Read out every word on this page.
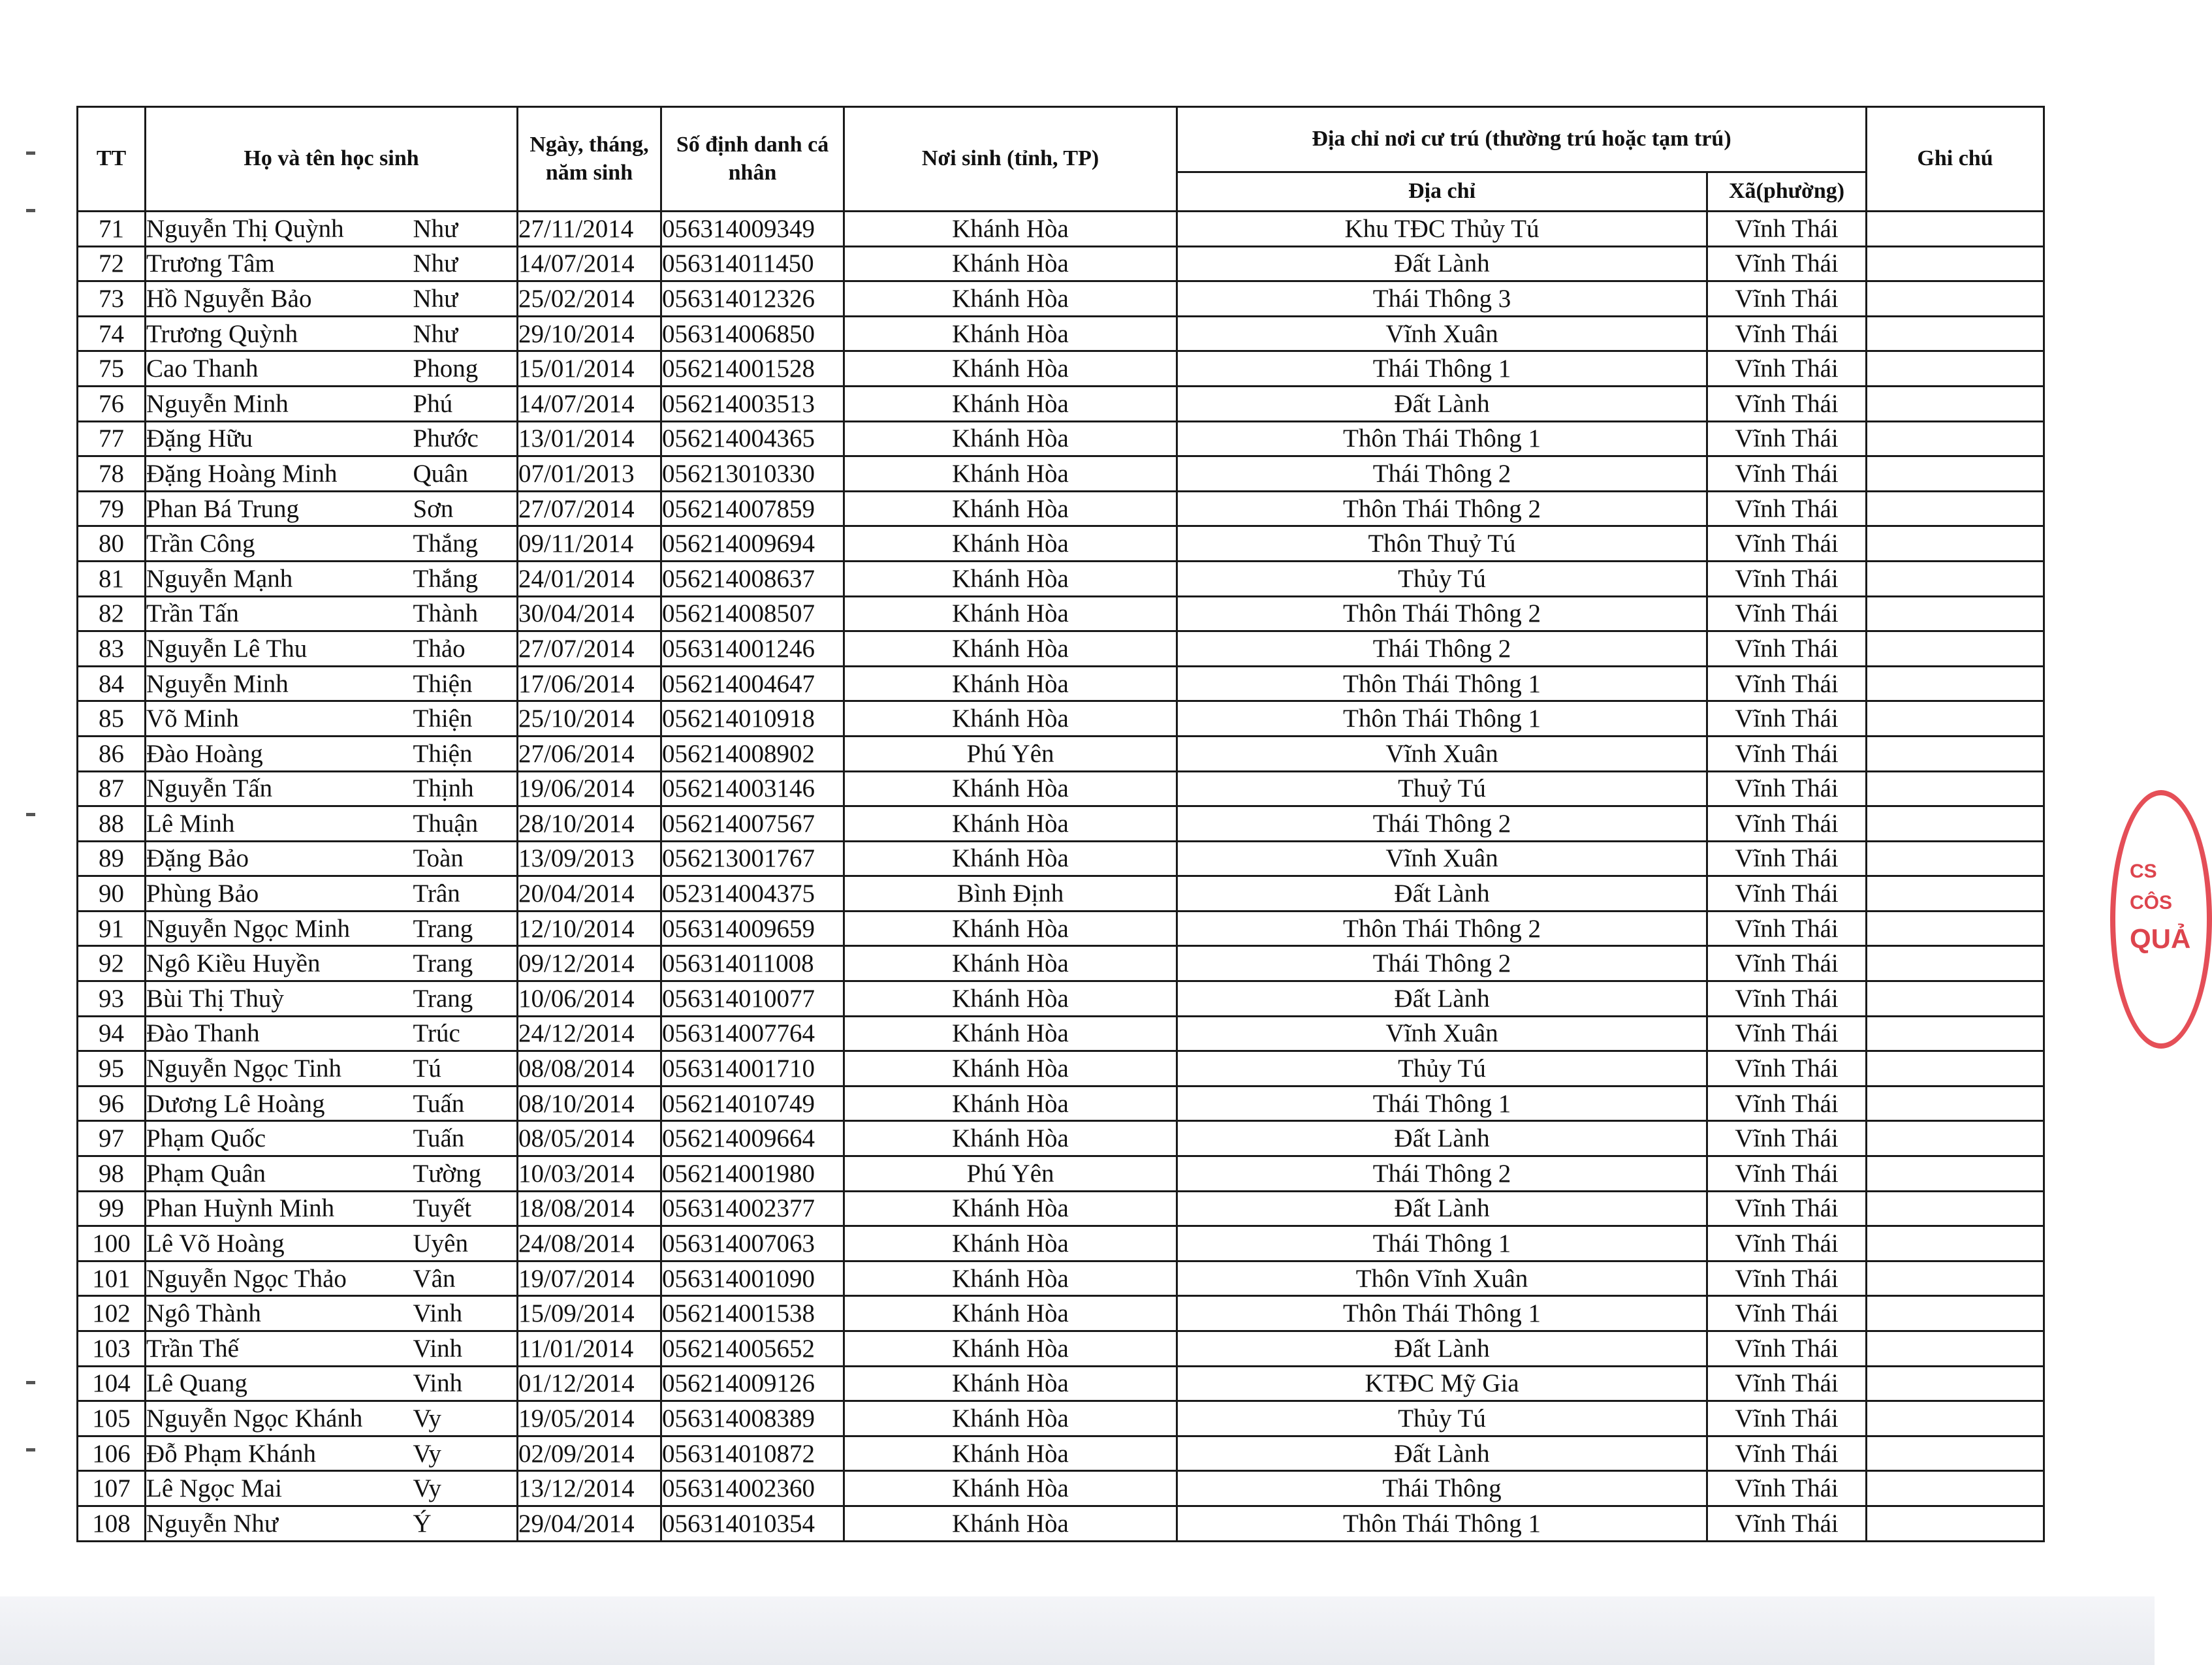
TT	Họ và tên học sinh		Ngày, tháng, năm sinh	Số định danh cá nhân	Nơi sinh (tỉnh, TP)	Địa chỉ nơi cư trú (thường trú hoặc tạm trú)		Ghi chú
						Địa chỉ	Xã(phường)	
71	Nguyễn Thị Quỳnh	Như	27/11/2014	056314009349	Khánh Hòa	Khu TĐC Thủy Tú	Vĩnh Thái	
72	Trương Tâm	Như	14/07/2014	056314011450	Khánh Hòa	Đất Lành	Vĩnh Thái	
73	Hồ Nguyễn Bảo	Như	25/02/2014	056314012326	Khánh Hòa	Thái Thông 3	Vĩnh Thái	
74	Trương Quỳnh	Như	29/10/2014	056314006850	Khánh Hòa	Vĩnh Xuân	Vĩnh Thái	
75	Cao Thanh	Phong	15/01/2014	056214001528	Khánh Hòa	Thái Thông 1	Vĩnh Thái	
76	Nguyễn Minh	Phú	14/07/2014	056214003513	Khánh Hòa	Đất Lành	Vĩnh Thái	
77	Đặng Hữu	Phước	13/01/2014	056214004365	Khánh Hòa	Thôn Thái Thông 1	Vĩnh Thái	
78	Đặng Hoàng Minh	Quân	07/01/2013	056213010330	Khánh Hòa	Thái Thông 2	Vĩnh Thái	
79	Phan Bá Trung	Sơn	27/07/2014	056214007859	Khánh Hòa	Thôn Thái Thông 2	Vĩnh Thái	
80	Trần Công	Thắng	09/11/2014	056214009694	Khánh Hòa	Thôn Thuỷ Tú	Vĩnh Thái	
81	Nguyễn Mạnh	Thắng	24/01/2014	056214008637	Khánh Hòa	Thủy Tú	Vĩnh Thái	
82	Trần Tấn	Thành	30/04/2014	056214008507	Khánh Hòa	Thôn Thái Thông 2	Vĩnh Thái	
83	Nguyễn Lê Thu	Thảo	27/07/2014	056314001246	Khánh Hòa	Thái Thông 2	Vĩnh Thái	
84	Nguyễn Minh	Thiện	17/06/2014	056214004647	Khánh Hòa	Thôn Thái Thông 1	Vĩnh Thái	
85	Võ Minh	Thiện	25/10/2014	056214010918	Khánh Hòa	Thôn Thái Thông 1	Vĩnh Thái	
86	Đào Hoàng	Thiện	27/06/2014	056214008902	Phú Yên	Vĩnh Xuân	Vĩnh Thái	
87	Nguyễn Tấn	Thịnh	19/06/2014	056214003146	Khánh Hòa	Thuỷ Tú	Vĩnh Thái	
88	Lê Minh	Thuận	28/10/2014	056214007567	Khánh Hòa	Thái Thông 2	Vĩnh Thái	
89	Đặng Bảo	Toàn	13/09/2013	056213001767	Khánh Hòa	Vĩnh Xuân	Vĩnh Thái	
90	Phùng Bảo	Trân	20/04/2014	052314004375	Bình Định	Đất Lành	Vĩnh Thái	
91	Nguyễn Ngọc Minh	Trang	12/10/2014	056314009659	Khánh Hòa	Thôn Thái Thông 2	Vĩnh Thái	
92	Ngô Kiều Huyền	Trang	09/12/2014	056314011008	Khánh Hòa	Thái Thông 2	Vĩnh Thái	
93	Bùi Thị Thuỳ	Trang	10/06/2014	056314010077	Khánh Hòa	Đất Lành	Vĩnh Thái	
94	Đào Thanh	Trúc	24/12/2014	056314007764	Khánh Hòa	Vĩnh Xuân	Vĩnh Thái	
95	Nguyễn Ngọc Tinh	Tú	08/08/2014	056314001710	Khánh Hòa	Thủy Tú	Vĩnh Thái	
96	Dương Lê Hoàng	Tuấn	08/10/2014	056214010749	Khánh Hòa	Thái Thông 1	Vĩnh Thái	
97	Phạm Quốc	Tuấn	08/05/2014	056214009664	Khánh Hòa	Đất Lành	Vĩnh Thái	
98	Phạm Quân	Tường	10/03/2014	056214001980	Phú Yên	Thái Thông 2	Vĩnh Thái	
99	Phan Huỳnh Minh	Tuyết	18/08/2014	056314002377	Khánh Hòa	Đất Lành	Vĩnh Thái	
100	Lê Võ Hoàng	Uyên	24/08/2014	056314007063	Khánh Hòa	Thái Thông 1	Vĩnh Thái	
101	Nguyễn Ngọc Thảo	Vân	19/07/2014	056314001090	Khánh Hòa	Thôn Vĩnh Xuân	Vĩnh Thái	
102	Ngô Thành	Vinh	15/09/2014	056214001538	Khánh Hòa	Thôn Thái Thông 1	Vĩnh Thái	
103	Trần Thế	Vinh	11/01/2014	056214005652	Khánh Hòa	Đất Lành	Vĩnh Thái	
104	Lê Quang	Vinh	01/12/2014	056214009126	Khánh Hòa	KTĐC Mỹ Gia	Vĩnh Thái	
105	Nguyễn Ngọc Khánh	Vy	19/05/2014	056314008389	Khánh Hòa	Thủy Tú	Vĩnh Thái	
106	Đỗ Phạm Khánh	Vy	02/09/2014	056314010872	Khánh Hòa	Đất Lành	Vĩnh Thái	
107	Lê Ngọc Mai	Vy	13/12/2014	056314002360	Khánh Hòa	Thái Thông	Vĩnh Thái	
108	Nguyễn Như	Ý	29/04/2014	056314010354	Khánh Hòa	Thôn Thái Thông 1	Vĩnh Thái	
CS
CÔS
QUẢ
